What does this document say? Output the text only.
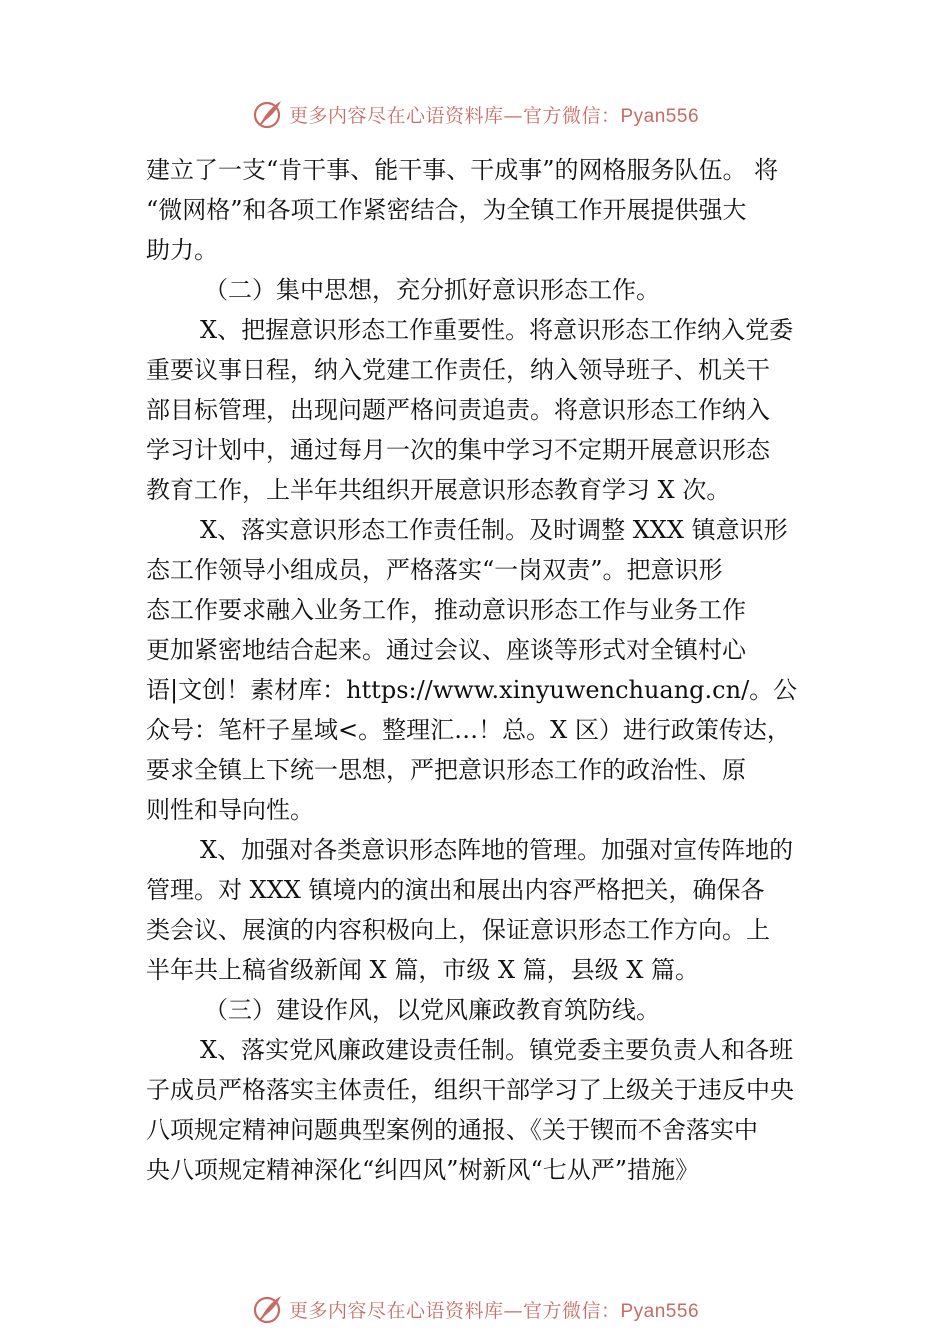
更多内容尽在心语资料库—官方微信：Pyan556
建立了一支“肯干事、能干事、干成事”的网格服务队伍。 将
“微网格”和各项工作紧密结合，为全镇工作开展提供强大
助力。
（二）集中思想，充分抓好意识形态工作。
X、把握意识形态工作重要性。将意识形态工作纳入党委
重要议事日程，纳入党建工作责任，纳入领导班子、机关干
部目标管理，出现问题严格问责追责。将意识形态工作纳入
学习计划中，通过每月一次的集中学习不定期开展意识形态
教育工作，上半年共组织开展意识形态教育学习 X 次。
X、落实意识形态工作责任制。及时调整 XXX 镇意识形
态工作领导小组成员，严格落实“一岗双责”。把意识形
态工作要求融入业务工作，推动意识形态工作与业务工作
更加紧密地结合起来。通过会议、座谈等形式对全镇村心
语|文创！素材库：https://www.xinyuwenchuang.cn/。公
众号：笔杆子星域<。整理汇…！总。X 区）进行政策传达，
要求全镇上下统一思想，严把意识形态工作的政治性、原
则性和导向性。
X、加强对各类意识形态阵地的管理。加强对宣传阵地的
管理。对 XXX 镇境内的演出和展出内容严格把关，确保各
类会议、展演的内容积极向上，保证意识形态工作方向。上
半年共上稿省级新闻 X 篇，市级 X 篇，县级 X 篇。
（三）建设作风，以党风廉政教育筑防线。
X、落实党风廉政建设责任制。镇党委主要负责人和各班
子成员严格落实主体责任，组织干部学习了上级关于违反中央
八项规定精神问题典型案例的通报、《关于锲而不舍落实中
央八项规定精神深化“纠四风”树新风“七从严”措施》
更多内容尽在心语资料库—官方微信：Pyan556
